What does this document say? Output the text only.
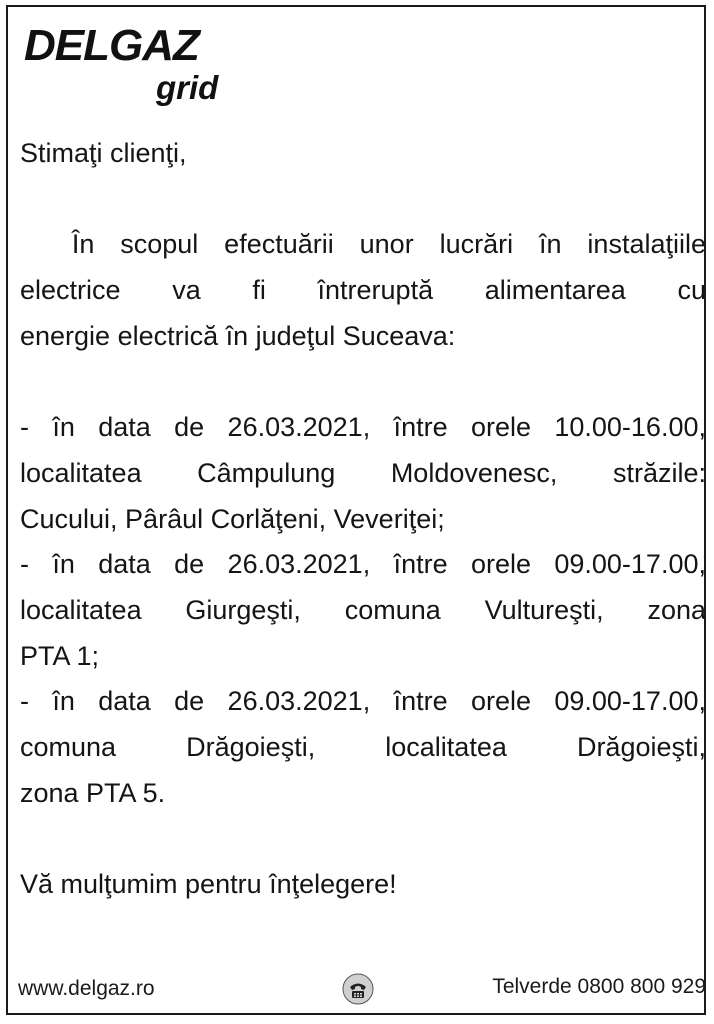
DELGAZ
grid
Stimaţi clienţi,
În scopul efectuării unor lucrări în instalaţiile
electrice va fi întreruptă alimentarea cu
energie electrică în judeţul Suceava:
- în data de 26.03.2021, între orele 10.00-16.00,
localitatea Câmpulung Moldovenesc, străzile:
Cucului, Pârâul Corlăţeni, Veveriţei;
- în data de 26.03.2021, între orele 09.00-17.00,
localitatea Giurgeşti, comuna Vultureşti, zona
PTA 1;
- în data de 26.03.2021, între orele 09.00-17.00,
comuna Drăgoieşti, localitatea Drăgoieşti,
zona PTA 5.
Vă mulţumim pentru înţelegere!
www.delgaz.ro	Telverde 0800 800 929
